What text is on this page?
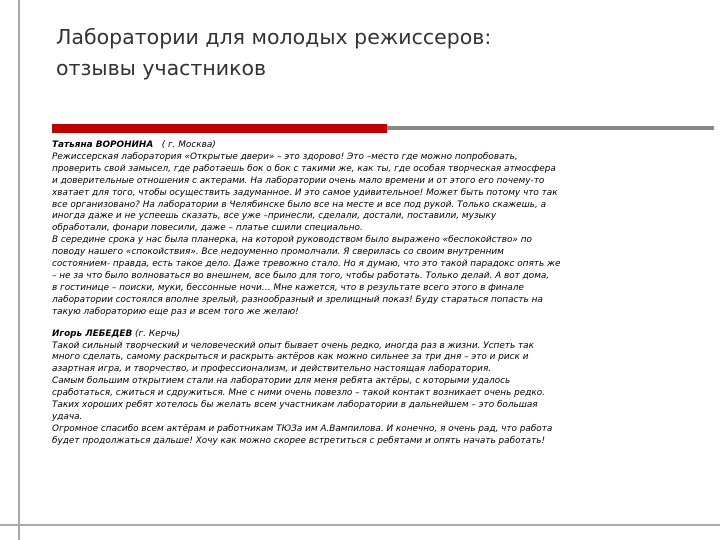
Лаборатории для молодых режиссеров:
отзывы участников

Татьяна ВОРОНИНА ( г. Москва)

Режиссерская лаборатория «Открытые двери» – это здорово! Это –место где можно попробовать,
проверить свой замысел, где работаешь бок о бок с такими же, как ты, где особая творческая атмосфера
и доверительные отношения с актерами. На лаборатории очень мало времени и от этого его почему-то
хватает для того, чтобы осуществить задуманное. И это самое удивительное! Может быть потому что так
все организовано? На лаборатории в Челябинске было все на месте и все под рукой. Только скажешь, а
иногда даже и не успеешь сказать, все уже –принесли, сделали, достали, поставили, музыку
обработали, фонари повесили, даже – платье сшили специально.
В середине срока у нас была планерка, на которой руководством было выражено «беспокойство» по
поводу нашего «спокойствия». Все недоуменно промолчали. Я сверилась со своим внутренним
состоянием- правда, есть такое дело. Даже тревожно стало. Но я думаю, что это такой парадокс опять же
– не за что было волноваться во внешнем, все было для того, чтобы работать. Только делай. А вот дома,
в гостинице – поиски, муки, бессонные ночи… Мне кажется, что в результате всего этого в финале
лаборатории состоялся вполне зрелый, разнообразный и зрелищный показ! Буду стараться попасть на
такую лабораторию еще раз и всем того же желаю!

Игорь ЛЕБЕДЕВ (г. Керчь)

Такой сильный творческий и человеческий опыт бывает очень редко, иногда раз в жизни. Успеть так
много сделать, самому раскрыться и раскрыть актёров как можно сильнее за три дня – это и риск и
азартная игра, и творчество, и профессионализм, и действительно настоящая лаборатория.
Самым большим открытием стали на лаборатории для меня ребята актёры, с которыми удалось
сработаться, сжиться и сдружиться. Мне с ними очень повезло – такой контакт возникает очень редко.
Таких хороших ребят хотелось бы желать всем участникам лаборатории в дальнейшем – это большая
удача.
Огромное спасибо всем актёрам и работникам ТЮЗа им А.Вампилова. И конечно, я очень рад, что работа
будет продолжаться дальше! Хочу как можно скорее встретиться с ребятами и опять начать работать!
